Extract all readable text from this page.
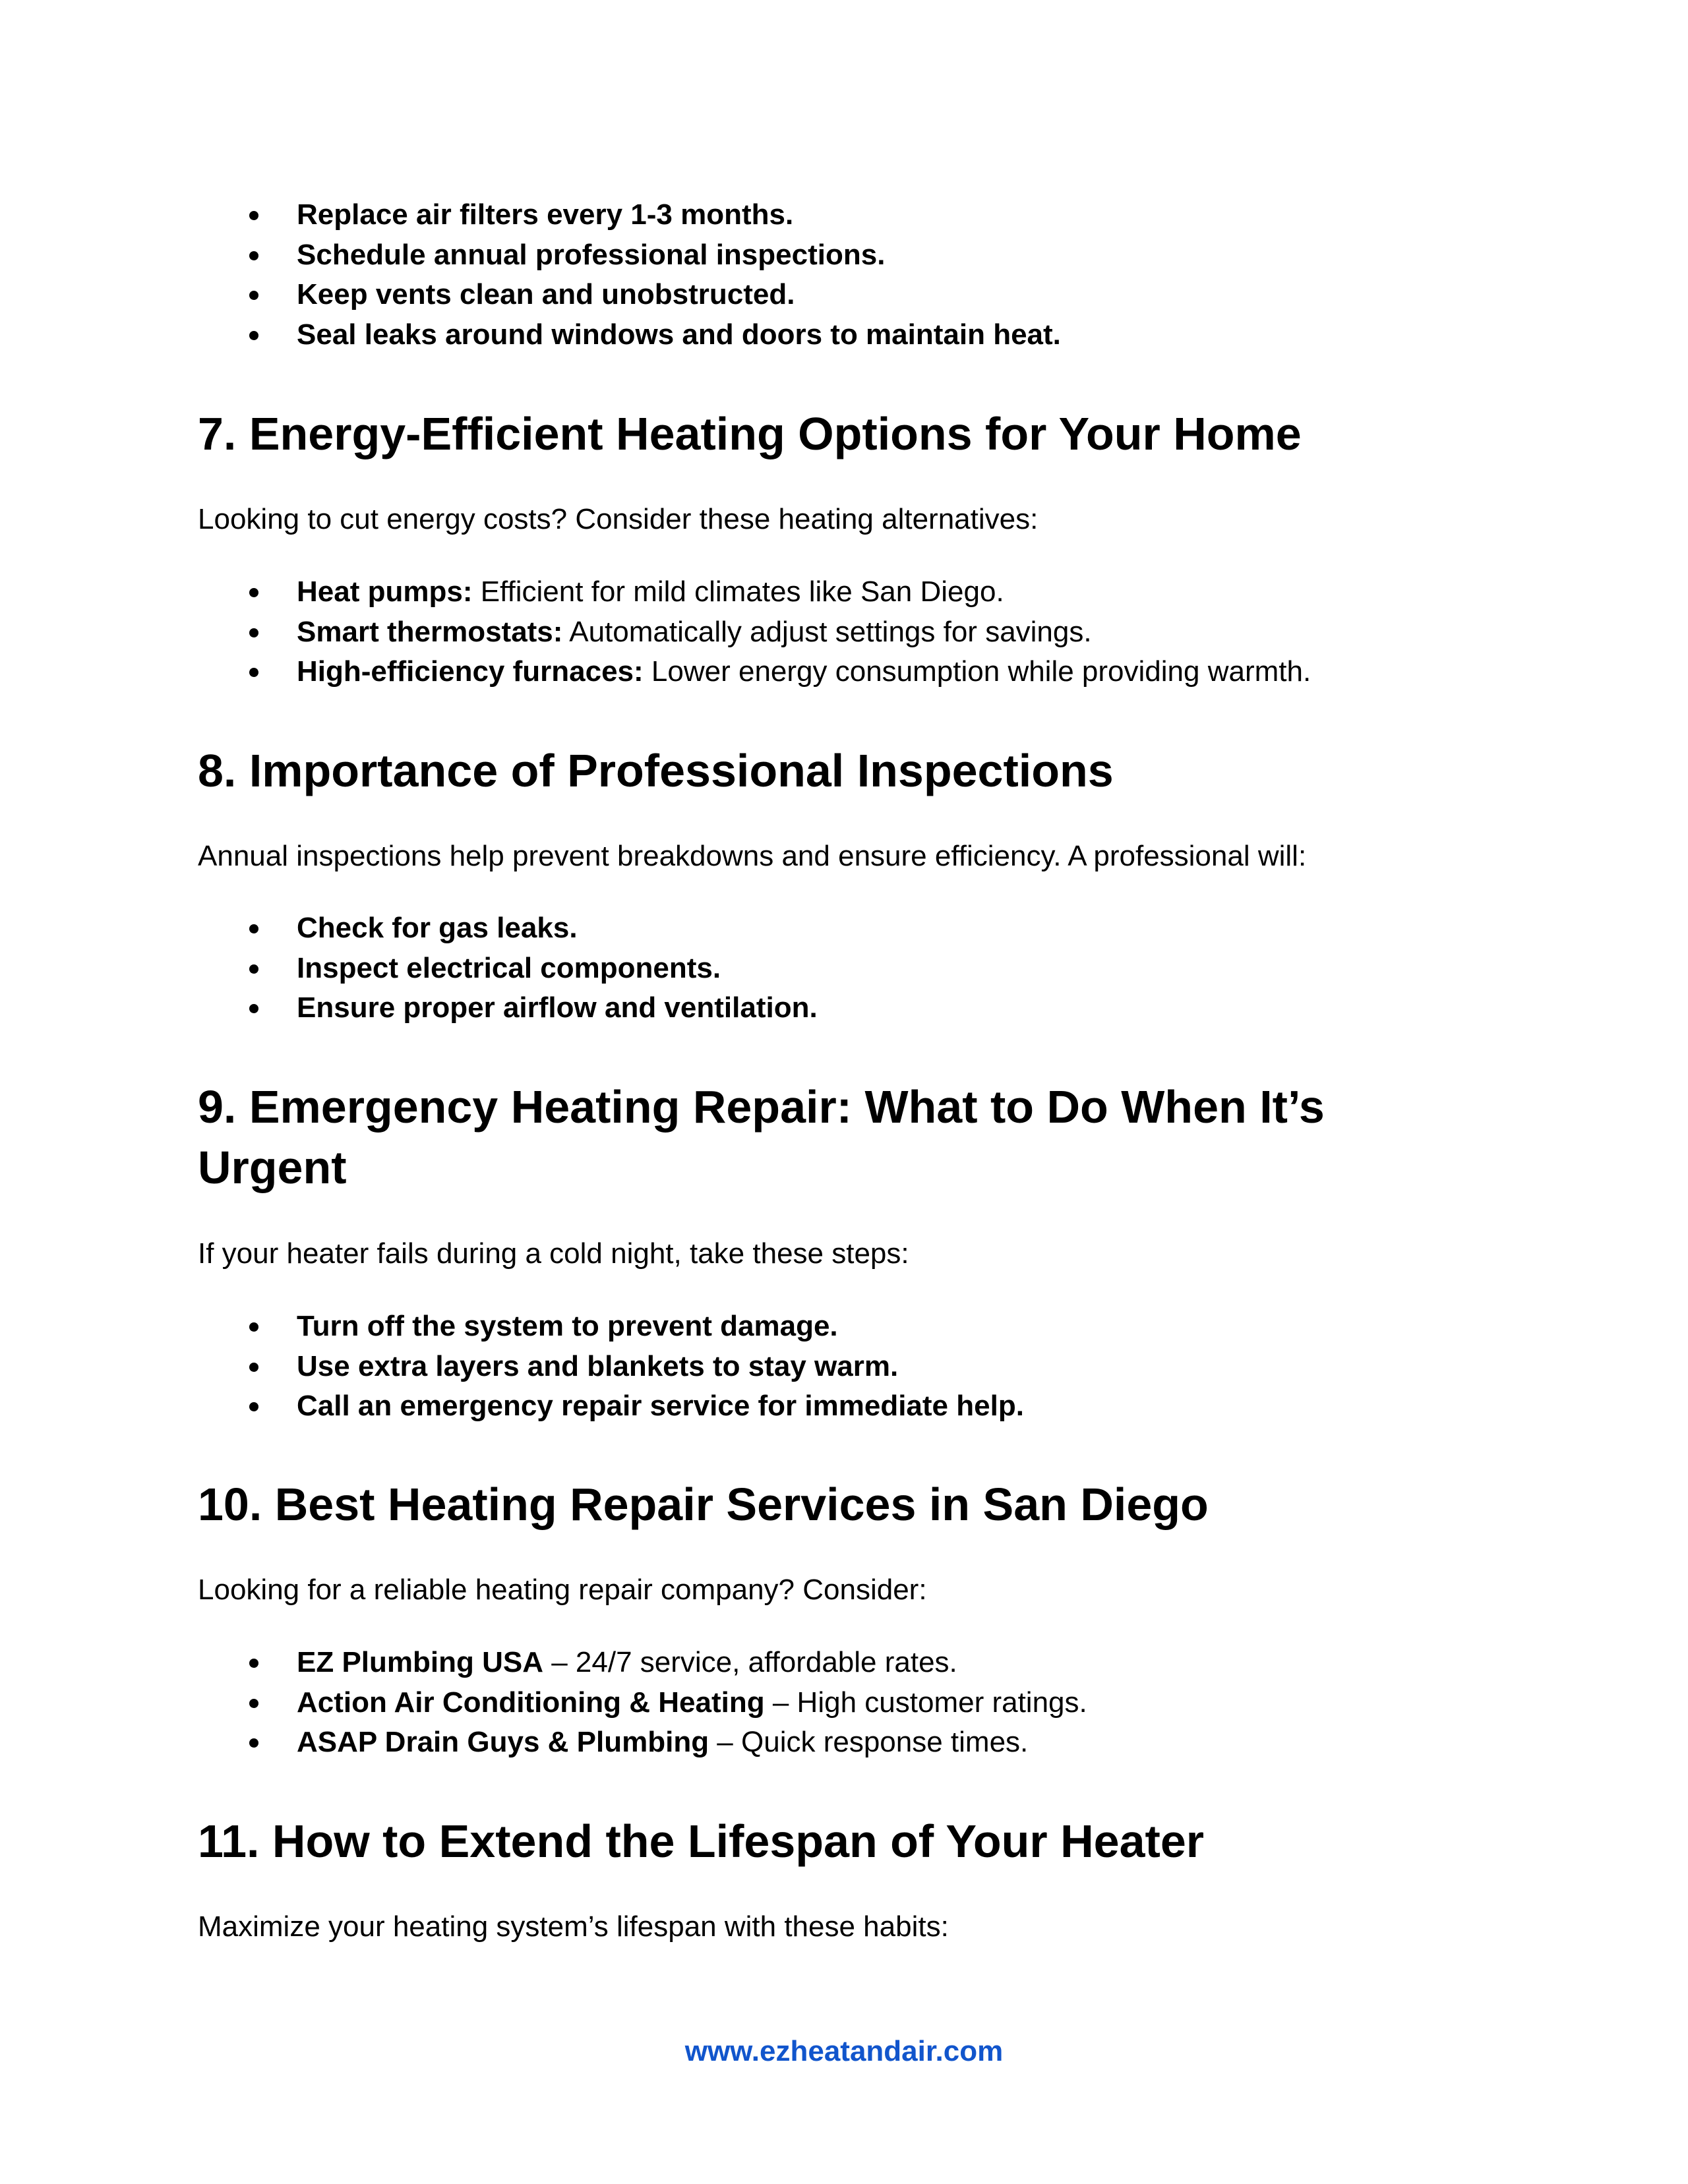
Replace air filters every 1-3 months.
Schedule annual professional inspections.
Keep vents clean and unobstructed.
Seal leaks around windows and doors to maintain heat.
7. Energy-Efficient Heating Options for Your Home

Looking to cut energy costs? Consider these heating alternatives:

Heat pumps: Efficient for mild climates like San Diego.
Smart thermostats: Automatically adjust settings for savings.
High-efficiency furnaces: Lower energy consumption while providing warmth.
8. Importance of Professional Inspections

Annual inspections help prevent breakdowns and ensure efficiency. A professional will:

Check for gas leaks.
Inspect electrical components.
Ensure proper airflow and ventilation.
9. Emergency Heating Repair: What to Do When It’s
Urgent

If your heater fails during a cold night, take these steps:

Turn off the system to prevent damage.
Use extra layers and blankets to stay warm.
Call an emergency repair service for immediate help.
10. Best Heating Repair Services in San Diego

Looking for a reliable heating repair company? Consider:

EZ Plumbing USA – 24/7 service, affordable rates.
Action Air Conditioning & Heating – High customer ratings.
ASAP Drain Guys & Plumbing – Quick response times.
11. How to Extend the Lifespan of Your Heater

Maximize your heating system’s lifespan with these habits:

www.ezheatandair.com
